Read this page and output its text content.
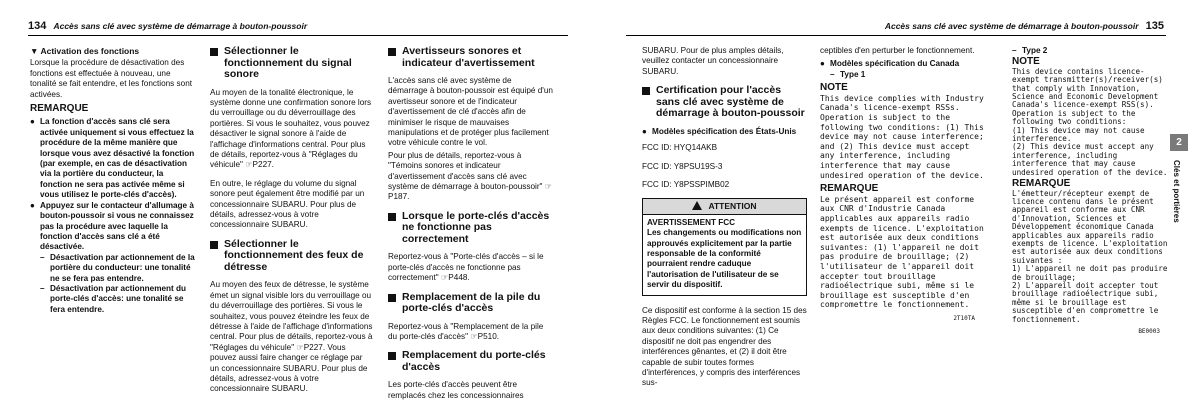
134 Accès sans clé avec système de démarrage à bouton-poussoir
▼ Activation des fonctions

Lorsque la procédure de désactivation des fonctions est effectuée à nouveau, une tonalité se fait entendre, et les fonctions sont activées.

REMARQUE
● La fonction d'accès sans clé sera activée uniquement si vous effectuez la procédure de la même manière que lorsque vous avez désactivé la fonction (par exemple, en cas de désactivation via la portière du conducteur, la fonction ne sera pas activée même si vous utilisez le porte-clés d'accès).
● Appuyez sur le contacteur d'allumage à bouton-poussoir si vous ne connaissez pas la procédure avec laquelle la fonction d'accès sans clé a été désactivée.
– Désactivation par actionnement de la portière du conducteur: une tonalité ne se fera pas entendre.
– Désactivation par actionnement du porte-clés d'accès: une tonalité se fera entendre.
Sélectionner le fonctionnement du signal sonore

Au moyen de la tonalité électronique, le système donne une confirmation sonore lors du verrouillage ou du déverrouillage des portières. Si vous le souhaitez, vous pouvez désactiver le signal sonore à l'aide de l'affichage d'informations central. Pour plus de détails, reportez-vous à "Réglages du véhicule" ☞P227.

En outre, le réglage du volume du signal sonore peut également être modifié par un concessionnaire SUBARU. Pour plus de détails, adressez-vous à votre concessionnaire SUBARU.

Sélectionner le fonctionnement des feux de détresse

Au moyen des feux de détresse, le système émet un signal visible lors du verrouillage ou du déverrouillage des portières. Si vous le souhaitez, vous pouvez éteindre les feux de détresse à l'aide de l'affichage d'informations central. Pour plus de détails, reportez-vous à "Réglages du véhicule" ☞P227. Vous pouvez aussi faire changer ce réglage par un concessionnaire SUBARU. Pour plus de détails, adressez-vous à votre concessionnaire SUBARU.

Avertisseurs sonores et indicateur d'avertissement

L'accès sans clé avec système de démarrage à bouton-poussoir est équipé d'un avertisseur sonore et de l'indicateur d'avertissement de clé d'accès afin de minimiser le risque de mauvaises manipulations et de protéger plus facilement votre véhicule contre le vol.

Pour plus de détails, reportez-vous à "Témoins sonores et indicateur d'avertissement d'accès sans clé avec système de démarrage à bouton-poussoir" ☞P187.

Lorsque le porte-clés d'accès ne fonctionne pas correctement

Reportez-vous à "Porte-clés d'accès – si le porte-clés d'accès ne fonctionne pas correctement" ☞P448.

Remplacement de la pile du porte-clés d'accès

Reportez-vous à "Remplacement de la pile du porte-clés d'accès" ☞P510.

Remplacement du porte-clés d'accès

Les porte-clés d'accès peuvent être remplacés chez les concessionnaires

Accès sans clé avec système de démarrage à bouton-poussoir 135

SUBARU. Pour de plus amples détails, veuillez contacter un concessionnaire SUBARU.

Certification pour l'accès sans clé avec système de démarrage à bouton-poussoir
● Modèles spécification des États-Unis

FCC ID: HYQ14AKB

FCC ID: Y8PSU19S-3

FCC ID: Y8PSSPIMB02

ATTENTION
AVERTISSEMENT FCC
Les changements ou modifications non approuvés explicitement par la partie responsable de la conformité pourraient rendre caduque l'autorisation de l'utilisateur de se servir du dispositif.

Ce dispositif est conforme à la section 15 des Règles FCC. Le fonctionnement est soumis aux deux conditions suivantes: (1) Ce dispositif ne doit pas engendrer des interférences gênantes, et (2) il doit être capable de subir toutes formes d'interférences, y compris des interférences sus-

ceptibles d'en perturber le fonctionnement.

● Modèles spécification du Canada
– Type 1
NOTE
This device complies with Industry Canada's licence-exempt RSSs. Operation is subject to the following two conditions: (1) This device may not cause interference; and (2) This device must accept any interference, including interference that may cause undesired operation of the device.
REMARQUE
Le présent appareil est conforme aux CNR d'Industrie Canada applicables aux appareils radio exempts de licence. L'exploitation est autorisée aux deux conditions suivantes: (1) l'appareil ne doit pas produire de brouillage; (2) l'utilisateur de l'appareil doit accepter tout brouillage radioélectrique subi, même si le brouillage est susceptible d'en compromettre le fonctionnement.
2T10TA
– Type 2
NOTE
This device contains licence-exempt transmitter(s)/receiver(s) that comply with Innovation, Science and Economic Development Canada's licence-exempt RSS(s). Operation is subject to the following two conditions:
(1) This device may not cause interference.
(2) This device must accept any interference, including interference that may cause undesired operation of the device.
REMARQUE
L'émetteur/récepteur exempt de licence contenu dans le présent appareil est conforme aux CNR d'Innovation, Sciences et Développement économique Canada applicables aux appareils radio exempts de licence. L'exploitation est autorisée aux deux conditions suivantes :
1) L'appareil ne doit pas produire de brouillage;
2) L'appareil doit accepter tout brouillage radioélectrique subi, même si le brouillage est susceptible d'en compromettre le fonctionnement.
BE0003
2
Clés et portières
